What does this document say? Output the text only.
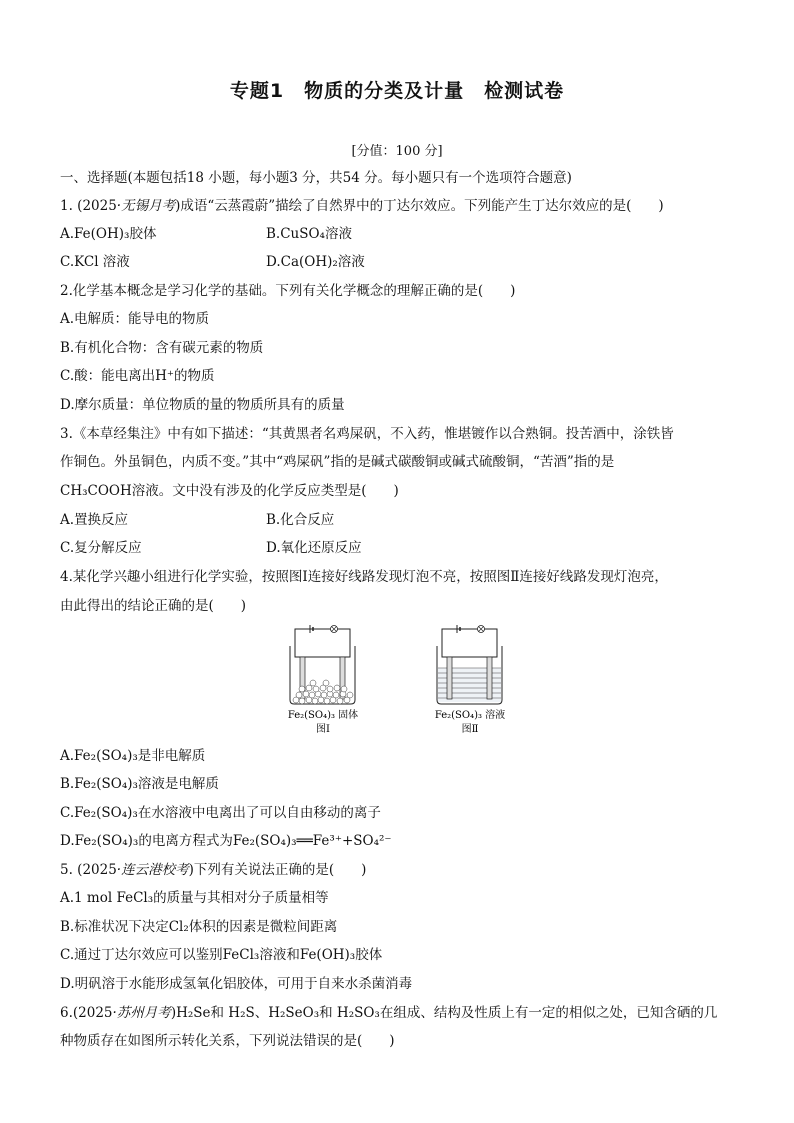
专题1　物质的分类及计量　检测试卷
[分值：100 分]
一、选择题(本题包括18 小题，每小题3 分，共54 分。每小题只有一个选项符合题意)
1. (2025·无锡月考)成语“云蒸霞蔚”描绘了自然界中的丁达尔效应。下列能产生丁达尔效应的是(　　)
A.Fe(OH)₃胶体	B.CuSO₄溶液
C.KCl 溶液	D.Ca(OH)₂溶液
2.化学基本概念是学习化学的基础。下列有关化学概念的理解正确的是(　　)
A.电解质：能导电的物质
B.有机化合物：含有碳元素的物质
C.酸：能电离出H⁺的物质
D.摩尔质量：单位物质的量的物质所具有的质量
3.《本草经集注》中有如下描述：“其黄黑者名鸡屎矾，不入药，惟堪镀作以合熟铜。投苦酒中，涂铁皆
作铜色。外虽铜色，内质不变。”其中“鸡屎矾”指的是碱式碳酸铜或碱式硫酸铜，“苦酒”指的是
CH₃COOH溶液。文中没有涉及的化学反应类型是(　　)
A.置换反应	B.化合反应
C.复分解反应	D.氧化还原反应
4.某化学兴趣小组进行化学实验，按照图Ⅰ连接好线路发现灯泡不亮，按照图Ⅱ连接好线路发现灯泡亮，
由此得出的结论正确的是(　　)
Fe₂(SO₄)₃ 固体
图Ⅰ
Fe₂(SO₄)₃ 溶液
图Ⅱ
A.Fe₂(SO₄)₃是非电解质
B.Fe₂(SO₄)₃溶液是电解质
C.Fe₂(SO₄)₃在水溶液中电离出了可以自由移动的离子
D.Fe₂(SO₄)₃的电离方程式为Fe₂(SO₄)₃══Fe³⁺+SO₄²⁻
5. (2025·连云港校考)下列有关说法正确的是(　　)
A.1 mol FeCl₃的质量与其相对分子质量相等
B.标准状况下决定Cl₂体积的因素是微粒间距离
C.通过丁达尔效应可以鉴别FeCl₃溶液和Fe(OH)₃胶体
D.明矾溶于水能形成氢氧化铝胶体，可用于自来水杀菌消毒
6.(2025·苏州月考)H₂Se和 H₂S、H₂SeO₃和 H₂SO₃在组成、结构及性质上有一定的相似之处，已知含硒的几
种物质存在如图所示转化关系，下列说法错误的是(　　)
